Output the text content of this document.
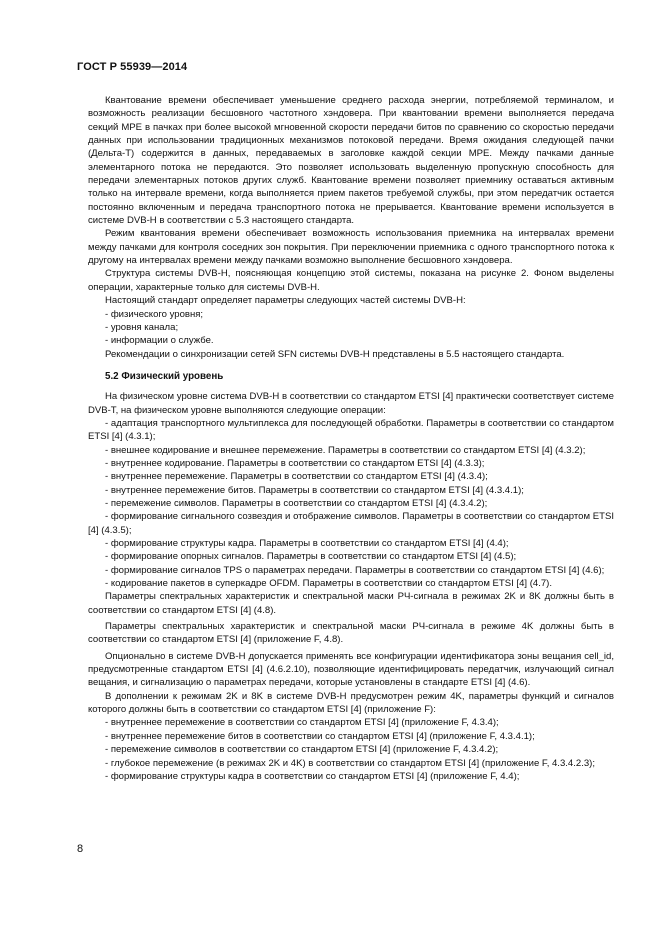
ГОСТ Р 55939—2014

Квантование времени обеспечивает уменьшение среднего расхода энергии, потребляемой терминалом, и возможность реализации бесшовного частотного хэндовера. При квантовании времени выполняется передача секций МРЕ в пачках при более высокой мгновенной скорости передачи битов по сравнению со скоростью передачи данных при использовании традиционных механизмов потоковой передачи. Время ожидания следующей пачки (Дельта-T) содержится в данных, передаваемых в заголовке каждой секции МРЕ. Между пачками данные элементарного потока не передаются. Это позволяет использовать выделенную пропускную способность для передачи элементарных потоков других служб. Квантование времени позволяет приемнику оставаться активным только на интервале времени, когда выполняется прием пакетов требуемой службы, при этом передатчик остается постоянно включенным и передача транспортного потока не прерывается. Квантование времени используется в системе DVB-H в соответствии с 5.3 настоящего стандарта.

Режим квантования времени обеспечивает возможность использования приемника на интервалах времени между пачками для контроля соседних зон покрытия. При переключении приемника с одного транспортного потока к другому на интервалах времени между пачками возможно выполнение бесшовного хэндовера.

Структура системы DVB-H, поясняющая концепцию этой системы, показана на рисунке 2. Фоном выделены операции, характерные только для системы DVB-H.

Настоящий стандарт определяет параметры следующих частей системы DVB-H:

- физического уровня;

- уровня канала;

- информации о службе.

Рекомендации о синхронизации сетей SFN системы DVB-H представлены в 5.5 настоящего стандарта.

5.2 Физический уровень

На физическом уровне система DVB-H в соответствии со стандартом ETSI [4] практически соответствует системе DVB-T, на физическом уровне выполняются следующие операции:

- адаптация транспортного мультиплекса для последующей обработки. Параметры в соответствии со стандартом ETSI [4] (4.3.1);

- внешнее кодирование и внешнее перемежение. Параметры в соответствии со стандартом ETSI [4] (4.3.2);

- внутреннее кодирование. Параметры в соответствии со стандартом ETSI [4] (4.3.3);

- внутреннее перемежение. Параметры в соответствии со стандартом ETSI [4] (4.3.4);

- внутреннее перемежение битов. Параметры в соответствии со стандартом ETSI [4] (4.3.4.1);

- перемежение символов. Параметры в соответствии со стандартом ETSI [4] (4.3.4.2);

- формирование сигнального созвездия и отображение символов. Параметры в соответствии со стандартом ETSI [4] (4.3.5);

- формирование структуры кадра. Параметры в соответствии со стандартом ETSI [4] (4.4);

- формирование опорных сигналов. Параметры в соответствии со стандартом ETSI [4] (4.5);

- формирование сигналов TPS о параметрах передачи. Параметры в соответствии со стандартом ETSI [4] (4.6);

- кодирование пакетов в суперкадре OFDM. Параметры в соответствии со стандартом ETSI [4] (4.7).

Параметры спектральных характеристик и спектральной маски РЧ-сигнала в режимах 2K и 8K должны быть в соответствии со стандартом ETSI [4] (4.8).

Параметры спектральных характеристик и спектральной маски РЧ-сигнала в режиме 4K должны быть в соответствии со стандартом ETSI [4] (приложение F, 4.8).

Опционально в системе DVB-H допускается применять все конфигурации идентификатора зоны вещания cell_id, предусмотренные стандартом ETSI [4] (4.6.2.10), позволяющие идентифицировать передатчик, излучающий сигнал вещания, и сигнализацию о параметрах передачи, которые установлены в стандарте ETSI [4] (4.6).

В дополнении к режимам 2K и 8K в системе DVB-H предусмотрен режим 4K, параметры функций и сигналов которого должны быть в соответствии со стандартом ETSI [4] (приложение F):

- внутреннее перемежение в соответствии со стандартом ETSI [4] (приложение F, 4.3.4);

- внутреннее перемежение битов в соответствии со стандартом ETSI [4] (приложение F, 4.3.4.1);

- перемежение символов в соответствии со стандартом ETSI [4] (приложение F, 4.3.4.2);

- глубокое перемежение (в режимах 2K и 4K) в соответствии со стандартом ETSI [4] (приложение F, 4.3.4.2.3);

- формирование структуры кадра в соответствии со стандартом ETSI [4] (приложение F, 4.4);

8
